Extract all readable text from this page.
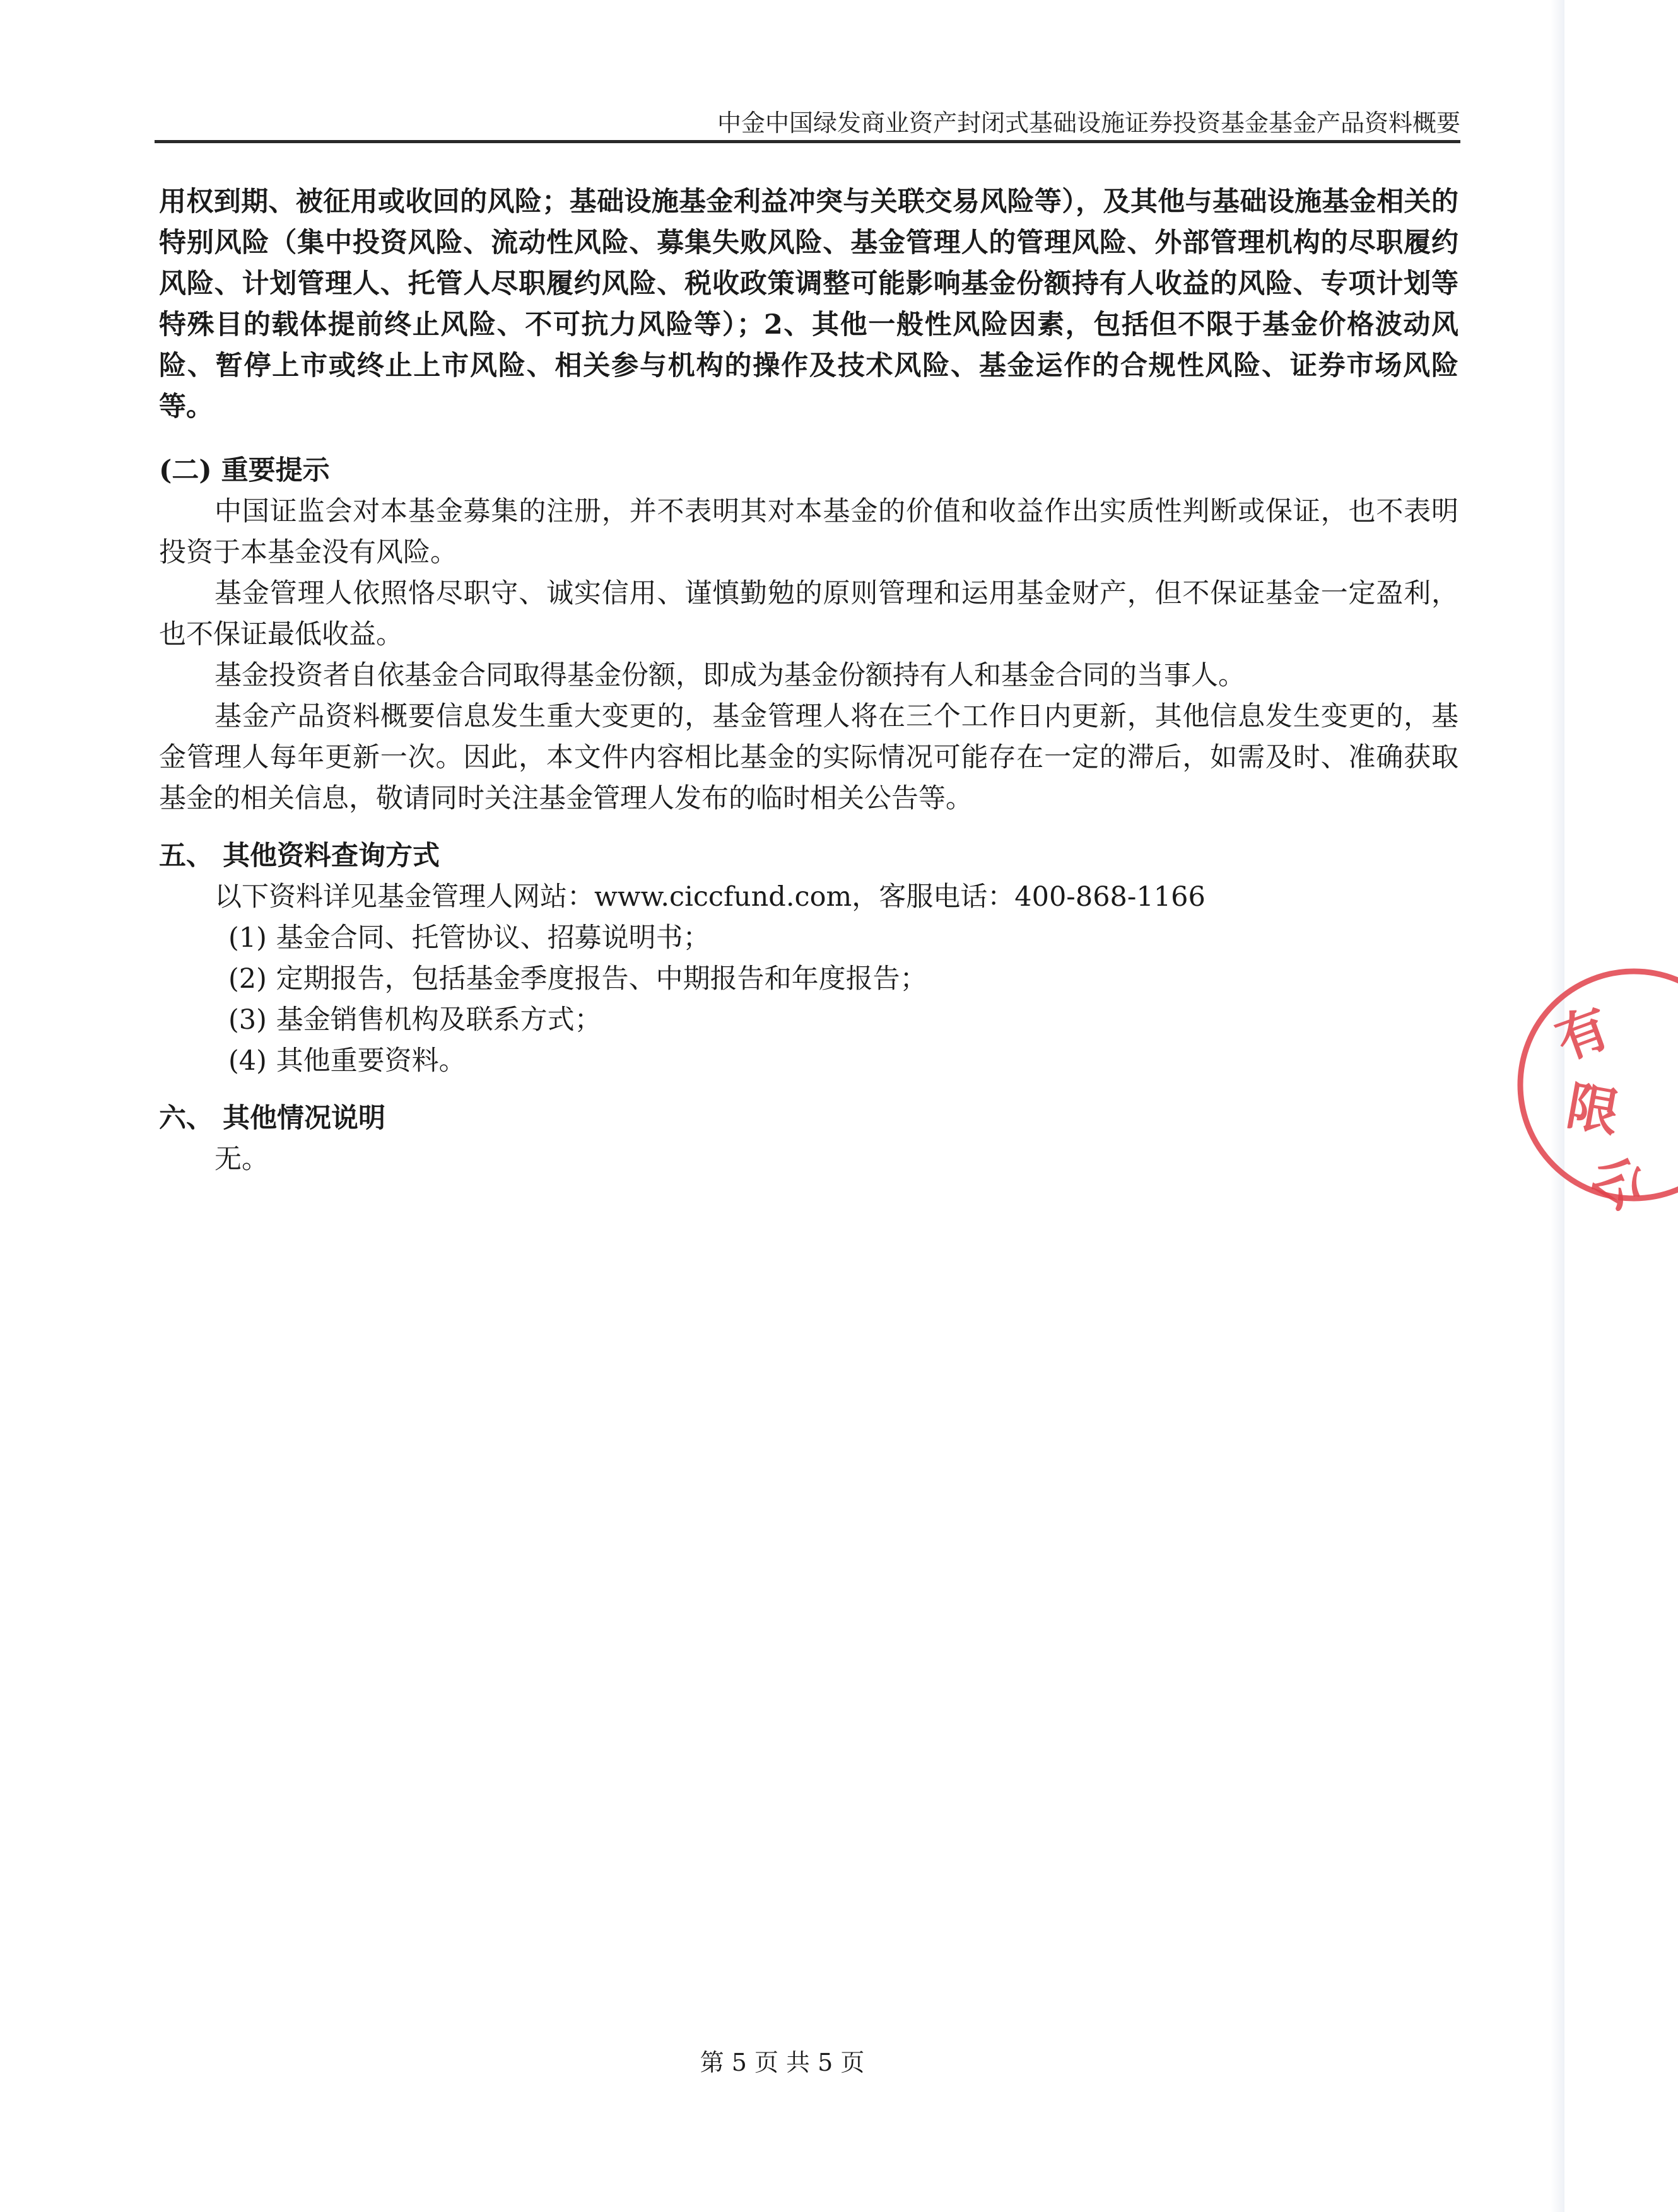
中金中国绿发商业资产封闭式基础设施证券投资基金基金产品资料概要

用权到期、被征用或收回的风险；基础设施基金利益冲突与关联交易风险等），及其他与基础设施基金相关的特别风险（集中投资风险、流动性风险、募集失败风险、基金管理人的管理风险、外部管理机构的尽职履约风险、计划管理人、托管人尽职履约风险、税收政策调整可能影响基金份额持有人收益的风险、专项计划等特殊目的载体提前终止风险、不可抗力风险等）；2、其他一般性风险因素，包括但不限于基金价格波动风险、暂停上市或终止上市风险、相关参与机构的操作及技术风险、基金运作的合规性风险、证券市场风险等。

(二) 重要提示

中国证监会对本基金募集的注册，并不表明其对本基金的价值和收益作出实质性判断或保证，也不表明投资于本基金没有风险。

基金管理人依照恪尽职守、诚实信用、谨慎勤勉的原则管理和运用基金财产，但不保证基金一定盈利，也不保证最低收益。

基金投资者自依基金合同取得基金份额，即成为基金份额持有人和基金合同的当事人。

基金产品资料概要信息发生重大变更的，基金管理人将在三个工作日内更新，其他信息发生变更的，基金管理人每年更新一次。因此，本文件内容相比基金的实际情况可能存在一定的滞后，如需及时、准确获取基金的相关信息，敬请同时关注基金管理人发布的临时相关公告等。

五、 其他资料查询方式

以下资料详见基金管理人网站：www.ciccfund.com，客服电话：400-868-1166

(1) 基金合同、托管协议、招募说明书；

(2) 定期报告，包括基金季度报告、中期报告和年度报告；

(3) 基金销售机构及联系方式；

(4) 其他重要资料。

六、 其他情况说明

无。

有
限
公
第 5 页 共 5 页
